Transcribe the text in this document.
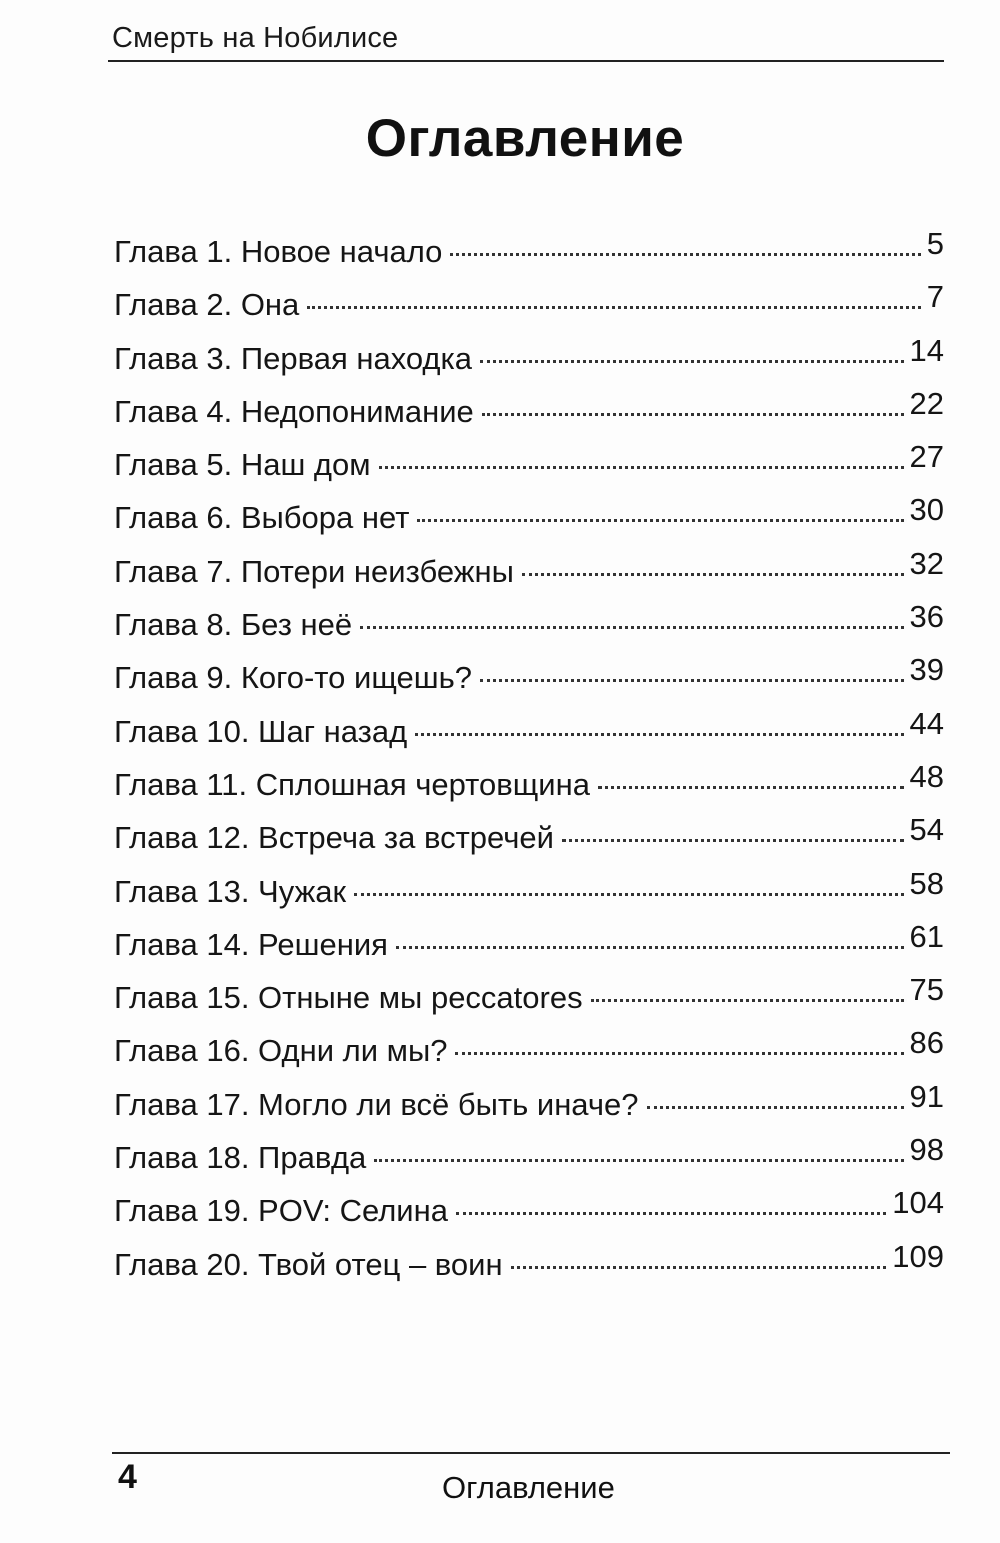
Смерть на Нобилисе
Оглавление
Глава 1. Новое начало	5
Глава 2. Она	7
Глава 3. Первая находка	14
Глава 4. Недопонимание	22
Глава 5. Наш дом	27
Глава 6. Выбора нет	30
Глава 7. Потери неизбежны	32
Глава 8. Без неё	36
Глава 9. Кого-то ищешь?	39
Глава 10. Шаг назад	44
Глава 11. Сплошная чертовщина	48
Глава 12. Встреча за встречей	54
Глава 13. Чужак	58
Глава 14. Решения	61
Глава 15. Отныне мы peccatores	75
Глава 16. Одни ли мы?	86
Глава 17. Могло ли всё быть иначе?	91
Глава 18. Правда	98
Глава 19. POV: Селина	104
Глава 20. Твой отец – воин	109
4	Оглавление
